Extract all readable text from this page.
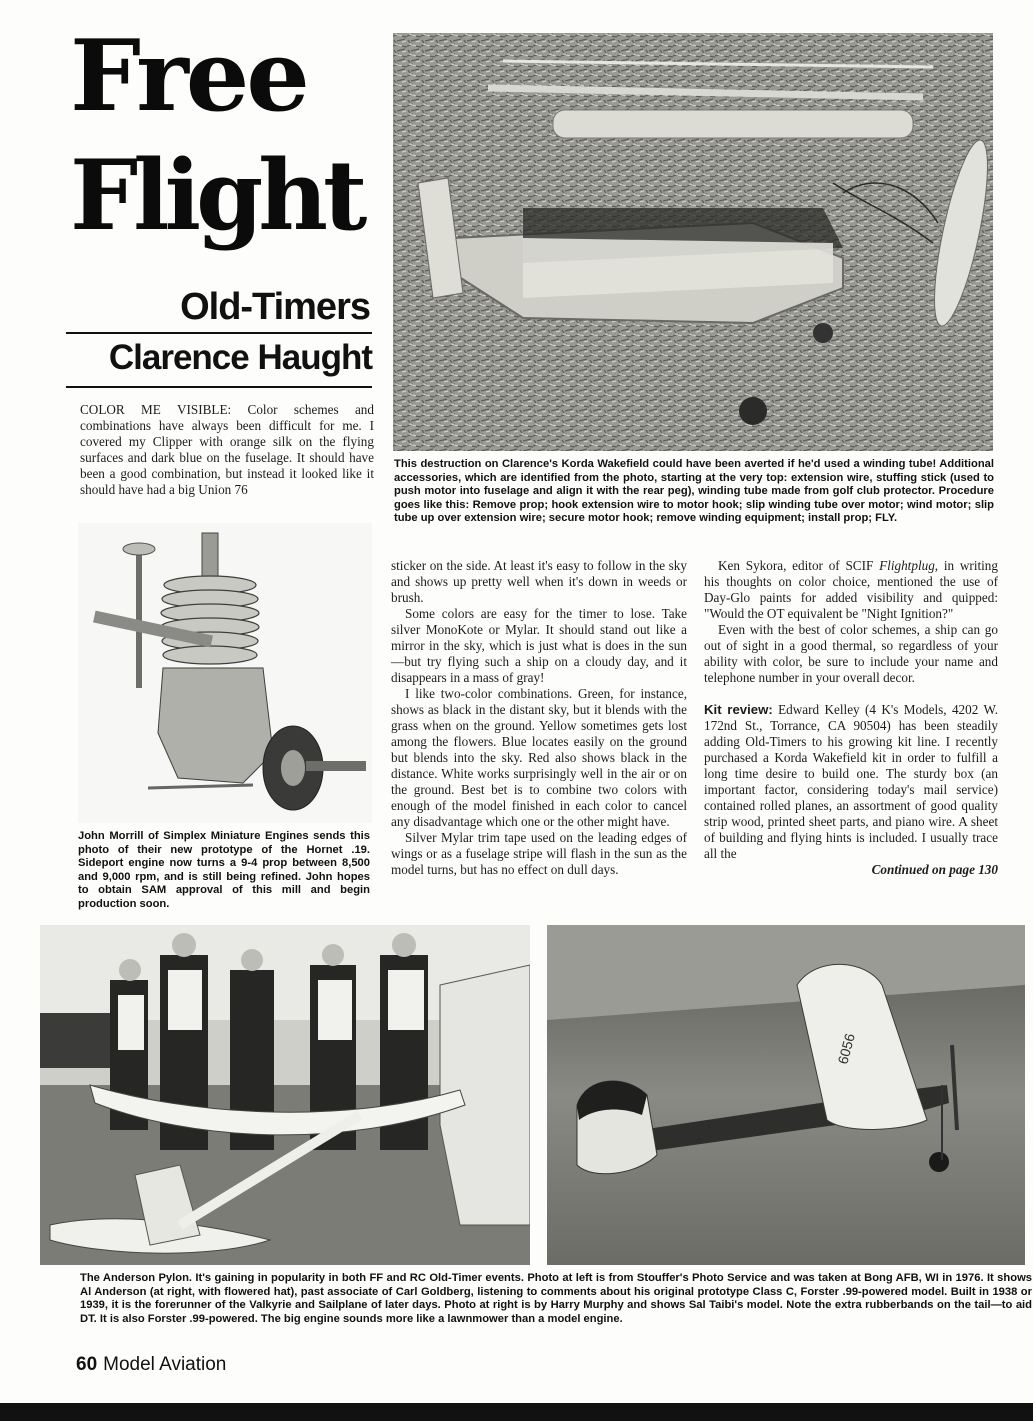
Free
Flight
Old-Timers
Clarence Haught

COLOR ME VISIBLE: Color schemes and combinations have always been difficult for me. I covered my Clipper with orange silk on the flying surfaces and dark blue on the fuselage. It should have been a good combination, but instead it looked like it should have had a big Union 76

This destruction on Clarence's Korda Wakefield could have been averted if he'd used a winding tube! Additional accessories, which are identified from the photo, starting at the very top: extension wire, stuffing stick (used to push motor into fuselage and align it with the rear peg), winding tube made from golf club protector. Procedure goes like this: Remove prop; hook extension wire to motor hook; slip winding tube over motor; wind motor; slip tube up over extension wire; secure motor hook; remove winding equipment; install prop; FLY.
John Morrill of Simplex Miniature Engines sends this photo of their new prototype of the Hornet .19. Sideport engine now turns a 9-4 prop between 8,500 and 9,000 rpm, and is still being refined. John hopes to obtain SAM approval of this mill and begin production soon.

sticker on the side. At least it's easy to follow in the sky and shows up pretty well when it's down in weeds or brush.

Some colors are easy for the timer to lose. Take silver MonoKote or Mylar. It should stand out like a mirror in the sky, which is just what is does in the sun—but try flying such a ship on a cloudy day, and it disappears in a mass of gray!

I like two-color combinations. Green, for instance, shows as black in the distant sky, but it blends with the grass when on the ground. Yellow sometimes gets lost among the flowers. Blue locates easily on the ground but blends into the sky. Red also shows black in the distance. White works surprisingly well in the air or on the ground. Best bet is to combine two colors with enough of the model finished in each color to cancel any disadvantage which one or the other might have.

Silver Mylar trim tape used on the leading edges of wings or as a fuselage stripe will flash in the sun as the model turns, but has no effect on dull days.

Ken Sykora, editor of SCIF Flightplug, in writing his thoughts on color choice, mentioned the use of Day-Glo paints for added visibility and quipped: "Would the OT equivalent be "Night Ignition?"

Even with the best of color schemes, a ship can go out of sight in a good thermal, so regardless of your ability with color, be sure to include your name and telephone number in your overall decor.

Kit review: Edward Kelley (4 K's Models, 4202 W. 172nd St., Torrance, CA 90504) has been steadily adding Old-Timers to his growing kit line. I recently purchased a Korda Wakefield kit in order to fulfill a long time desire to build one. The sturdy box (an important factor, considering today's mail service) contained rolled planes, an assortment of good quality strip wood, printed sheet parts, and piano wire. A sheet of building and flying hints is included. I usually trace all the

Continued on page 130

6056
The Anderson Pylon. It's gaining in popularity in both FF and RC Old-Timer events. Photo at left is from Stouffer's Photo Service and was taken at Bong AFB, WI in 1976. It shows Al Anderson (at right, with flowered hat), past associate of Carl Goldberg, listening to comments about his original prototype Class C, Forster .99-powered model. Built in 1938 or 1939, it is the forerunner of the Valkyrie and Sailplane of later days. Photo at right is by Harry Murphy and shows Sal Taibi's model. Note the extra rubberbands on the tail—to aid DT. It is also Forster .99-powered. The big engine sounds more like a lawnmower than a model engine.
60 Model Aviation
